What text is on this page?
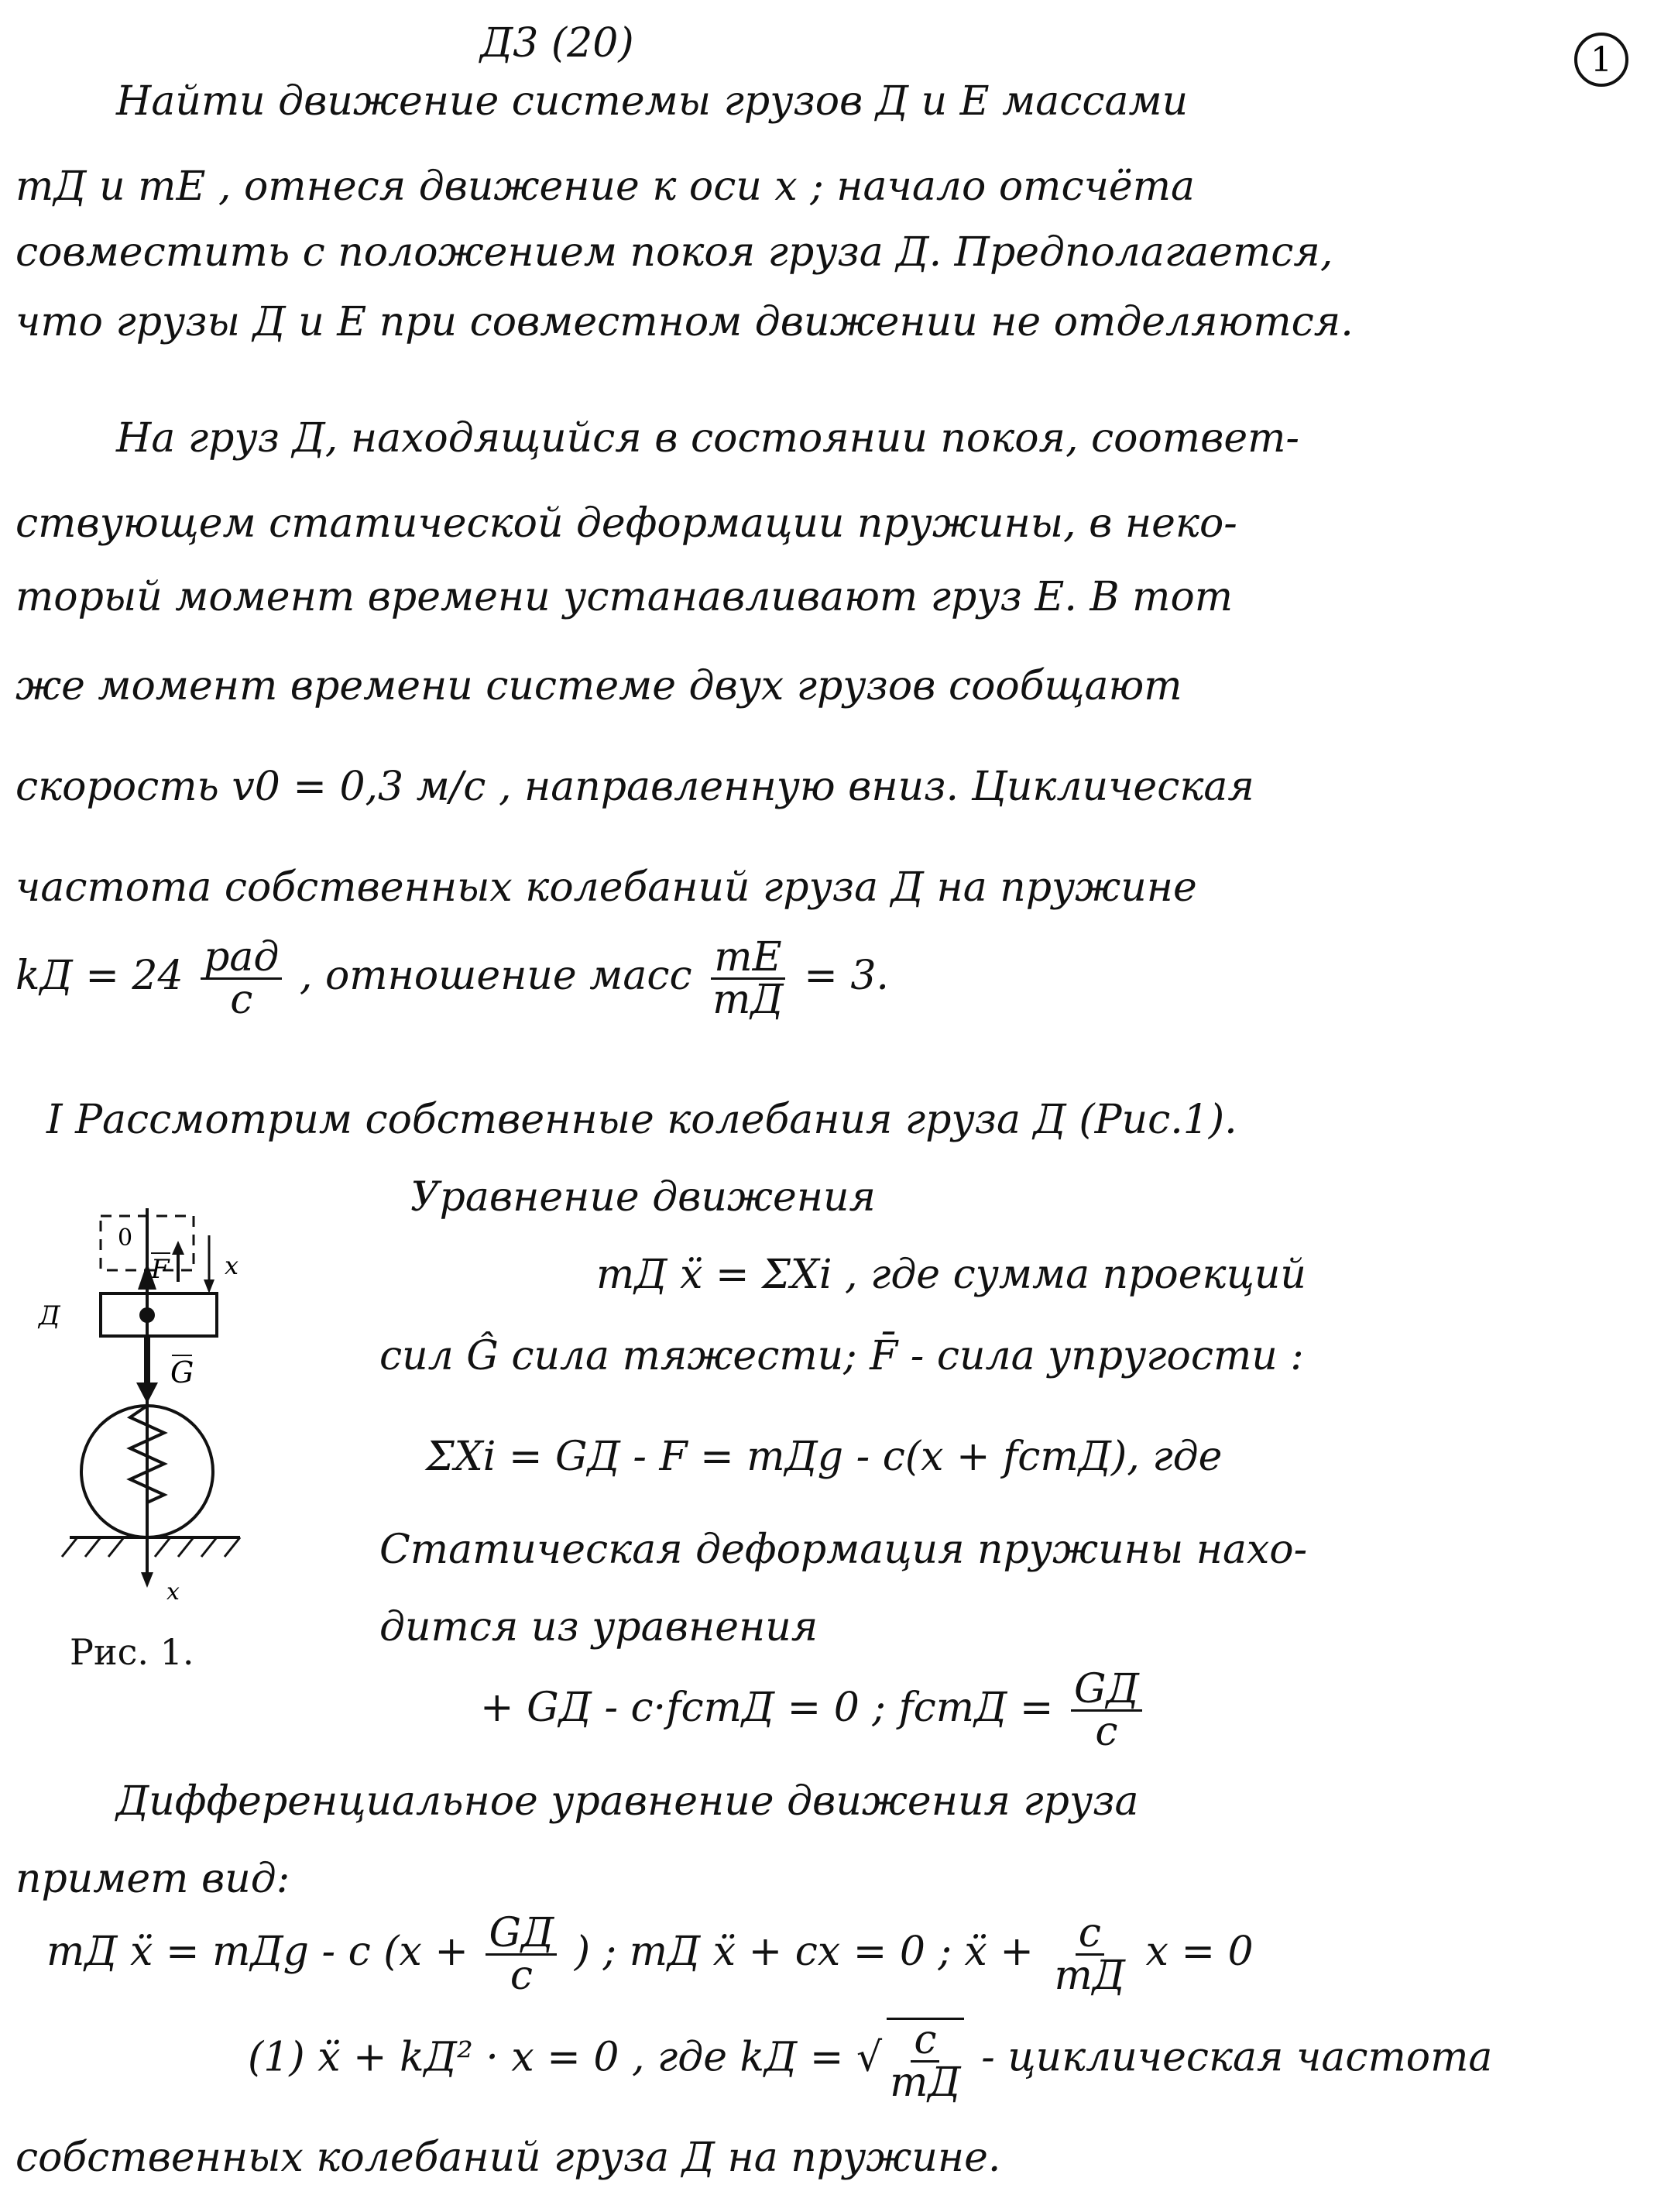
Д3 (20)	1
Найти движение системы грузов Д и Е массами
mД и mE , отнеся движение к оси x ; начало отсчёта
совместить с положением покоя груза Д. Предполагается,
что грузы Д и Е при совместном движении не отделяются.
На груз Д, находящийся в состоянии покоя, соответ-
ствующем статической деформации пружины, в неко-
торый момент времени устанавливают груз Е. В тот
же момент времени системе двух грузов сообщают
скорость v0 = 0,3 м/с , направленную вниз. Циклическая
частота собственных колебаний груза Д на пружине
kД = $24 \frac{\text{рад}}{с}$ , отношение масс $\frac{mE}{mД} = 3$.
I Рассмотрим собственные колебания груза Д (Рис.1).
Уравнение движения
mД ẍ = ΣXi , где сумма проекций
сил Ĝ сила тяжести; F̄ - сила упругости :
ΣXi = GД - F = mДg - c(x + fстД), где
Статическая деформация пружины нахо-
дится из уравнения
+ GД - c·fстД = 0 ; fстД = $\frac{GД}{c}$
Дифференциальное уравнение движения груза
примет вид:
mД ẍ = mДg - c ($x + \frac{GД}{c}$ ) ; mД ẍ + cx = 0 ; ẍ + $\frac{c}{mД}$ x = 0
(1) ẍ + kД² · x = 0 , где kД = √ $\frac{c}{mД}$ - циклическая частота
собственных колебаний груза Д на пружине.
0
F x
Д
x
G
Рис. 1.
